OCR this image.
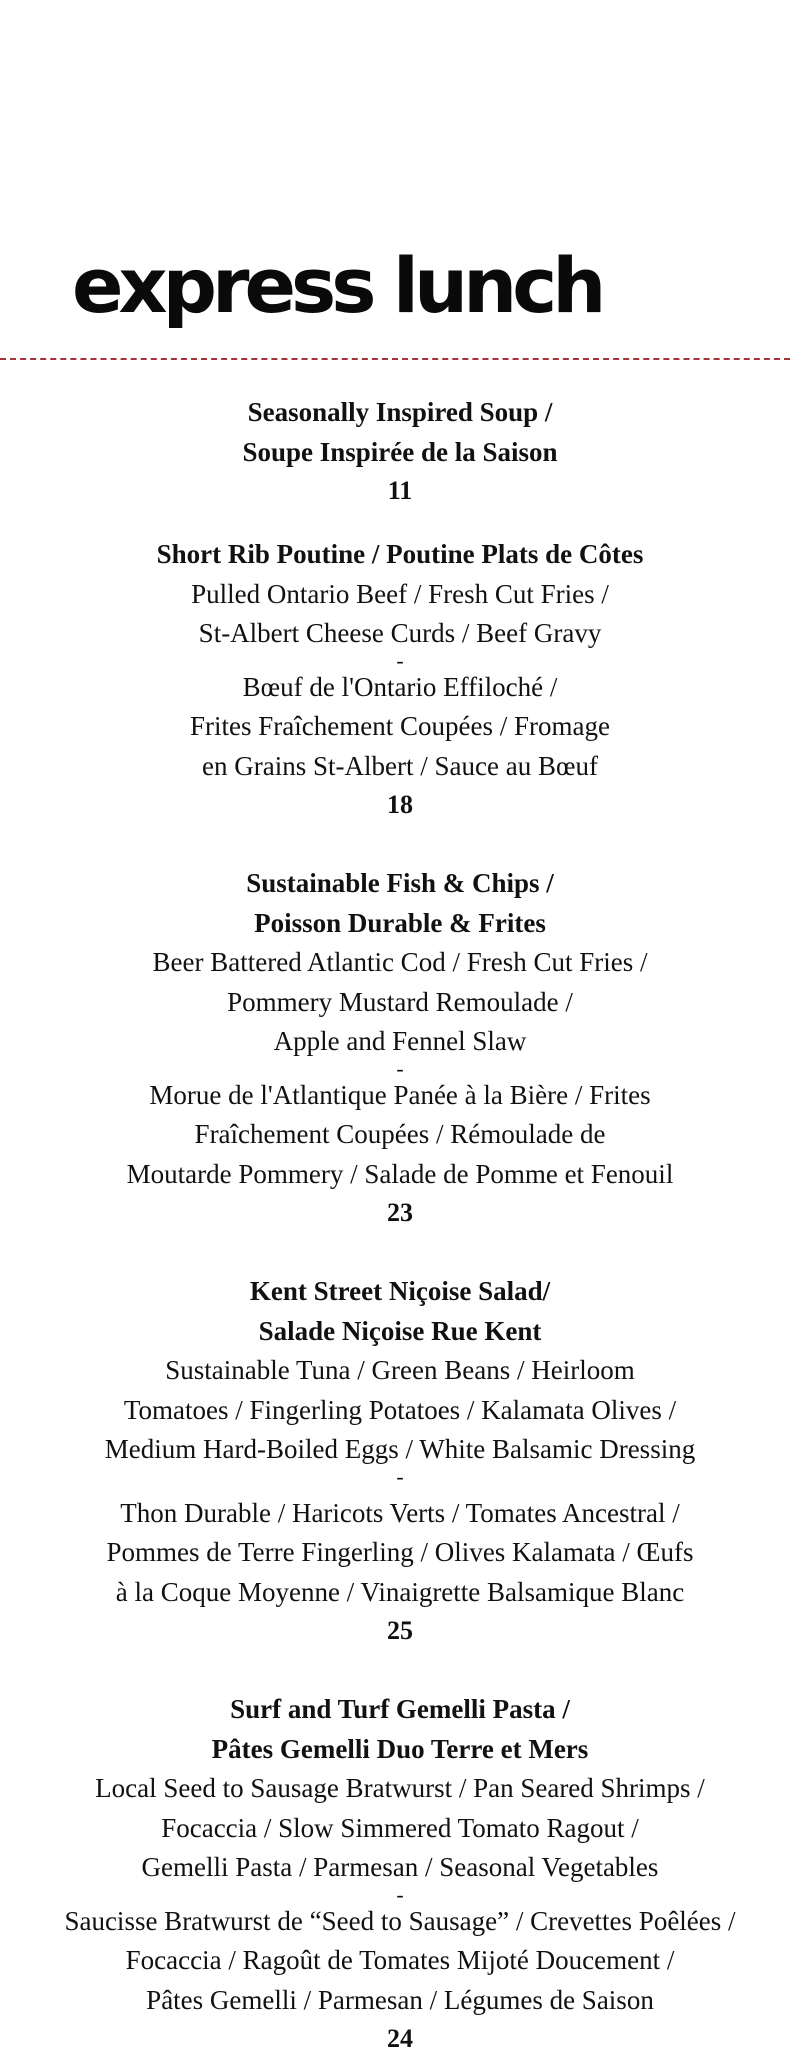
express lunch
Seasonally Inspired Soup /
Soupe Inspirée de la Saison
11
Short Rib Poutine / Poutine Plats de Côtes
Pulled Ontario Beef / Fresh Cut Fries /
St-Albert Cheese Curds / Beef Gravy
-
Bœuf de l'Ontario Effiloché /
Frites Fraîchement Coupées / Fromage
en Grains St-Albert / Sauce au Bœuf
18
Sustainable Fish & Chips /
Poisson Durable & Frites
Beer Battered Atlantic Cod / Fresh Cut Fries /
Pommery Mustard Remoulade /
Apple and Fennel Slaw
-
Morue de l'Atlantique Panée à la Bière / Frites
Fraîchement Coupées / Rémoulade de
Moutarde Pommery / Salade de Pomme et Fenouil
23
Kent Street Niçoise Salad/
Salade Niçoise Rue Kent
Sustainable Tuna / Green Beans / Heirloom
Tomatoes / Fingerling Potatoes / Kalamata Olives /
Medium Hard-Boiled Eggs / White Balsamic Dressing
-
Thon Durable / Haricots Verts / Tomates Ancestral /
Pommes de Terre Fingerling / Olives Kalamata / Œufs
à la Coque Moyenne / Vinaigrette Balsamique Blanc
25
Surf and Turf Gemelli Pasta /
Pâtes Gemelli Duo Terre et Mers
Local Seed to Sausage Bratwurst / Pan Seared Shrimps /
Focaccia / Slow Simmered Tomato Ragout /
Gemelli Pasta / Parmesan / Seasonal Vegetables
-
Saucisse Bratwurst de “Seed to Sausage” / Crevettes Poêlées /
Focaccia / Ragoût de Tomates Mijoté Doucement /
Pâtes Gemelli / Parmesan / Légumes de Saison
24
